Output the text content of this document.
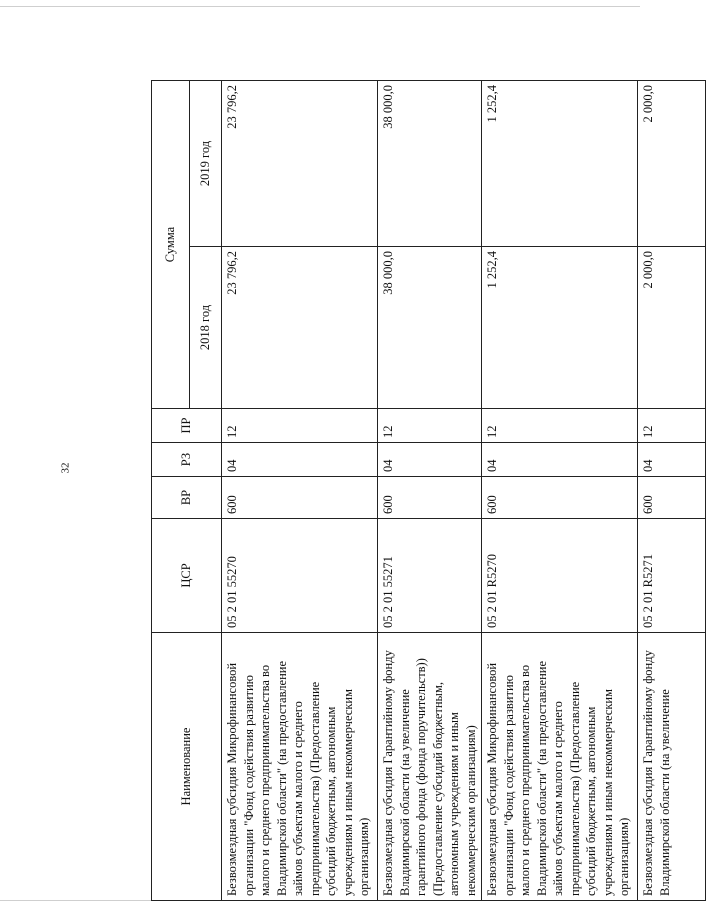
32
Наименование	ЦСР	ВР	РЗ	ПР	Сумма	
					2018 год	2019 год
Безвозмездная субсидия Микрофинансовой организации "Фонд содействия развитию малого и среднего предпринимательства во Владимирской области" (на предоставление займов субъектам малого и среднего предпринимательства) (Предоставление субсидий бюджетным, автономным учреждениям и иным некоммерческим организациям)	05 2 01 55270	600	04	12	23 796,2	23 796,2
Безвозмездная субсидия Гарантийному фонду Владимирской области (на увеличение гарантийного фонда (фонда поручительств)) (Предоставление субсидий бюджетным, автономным учреждениям и иным некоммерческим организациям)	05 2 01 55271	600	04	12	38 000,0	38 000,0
Безвозмездная субсидия Микрофинансовой организации "Фонд содействия развитию малого и среднего предпринимательства во Владимирской области" (на предоставление займов субъектам малого и среднего предпринимательства) (Предоставление субсидий бюджетным, автономным учреждениям и иным некоммерческим организациям)	05 2 01 R5270	600	04	12	1 252,4	1 252,4
Безвозмездная субсидия Гарантийному фонду Владимирской области (на увеличение	05 2 01 R5271	600	04	12	2 000,0	2 000,0
